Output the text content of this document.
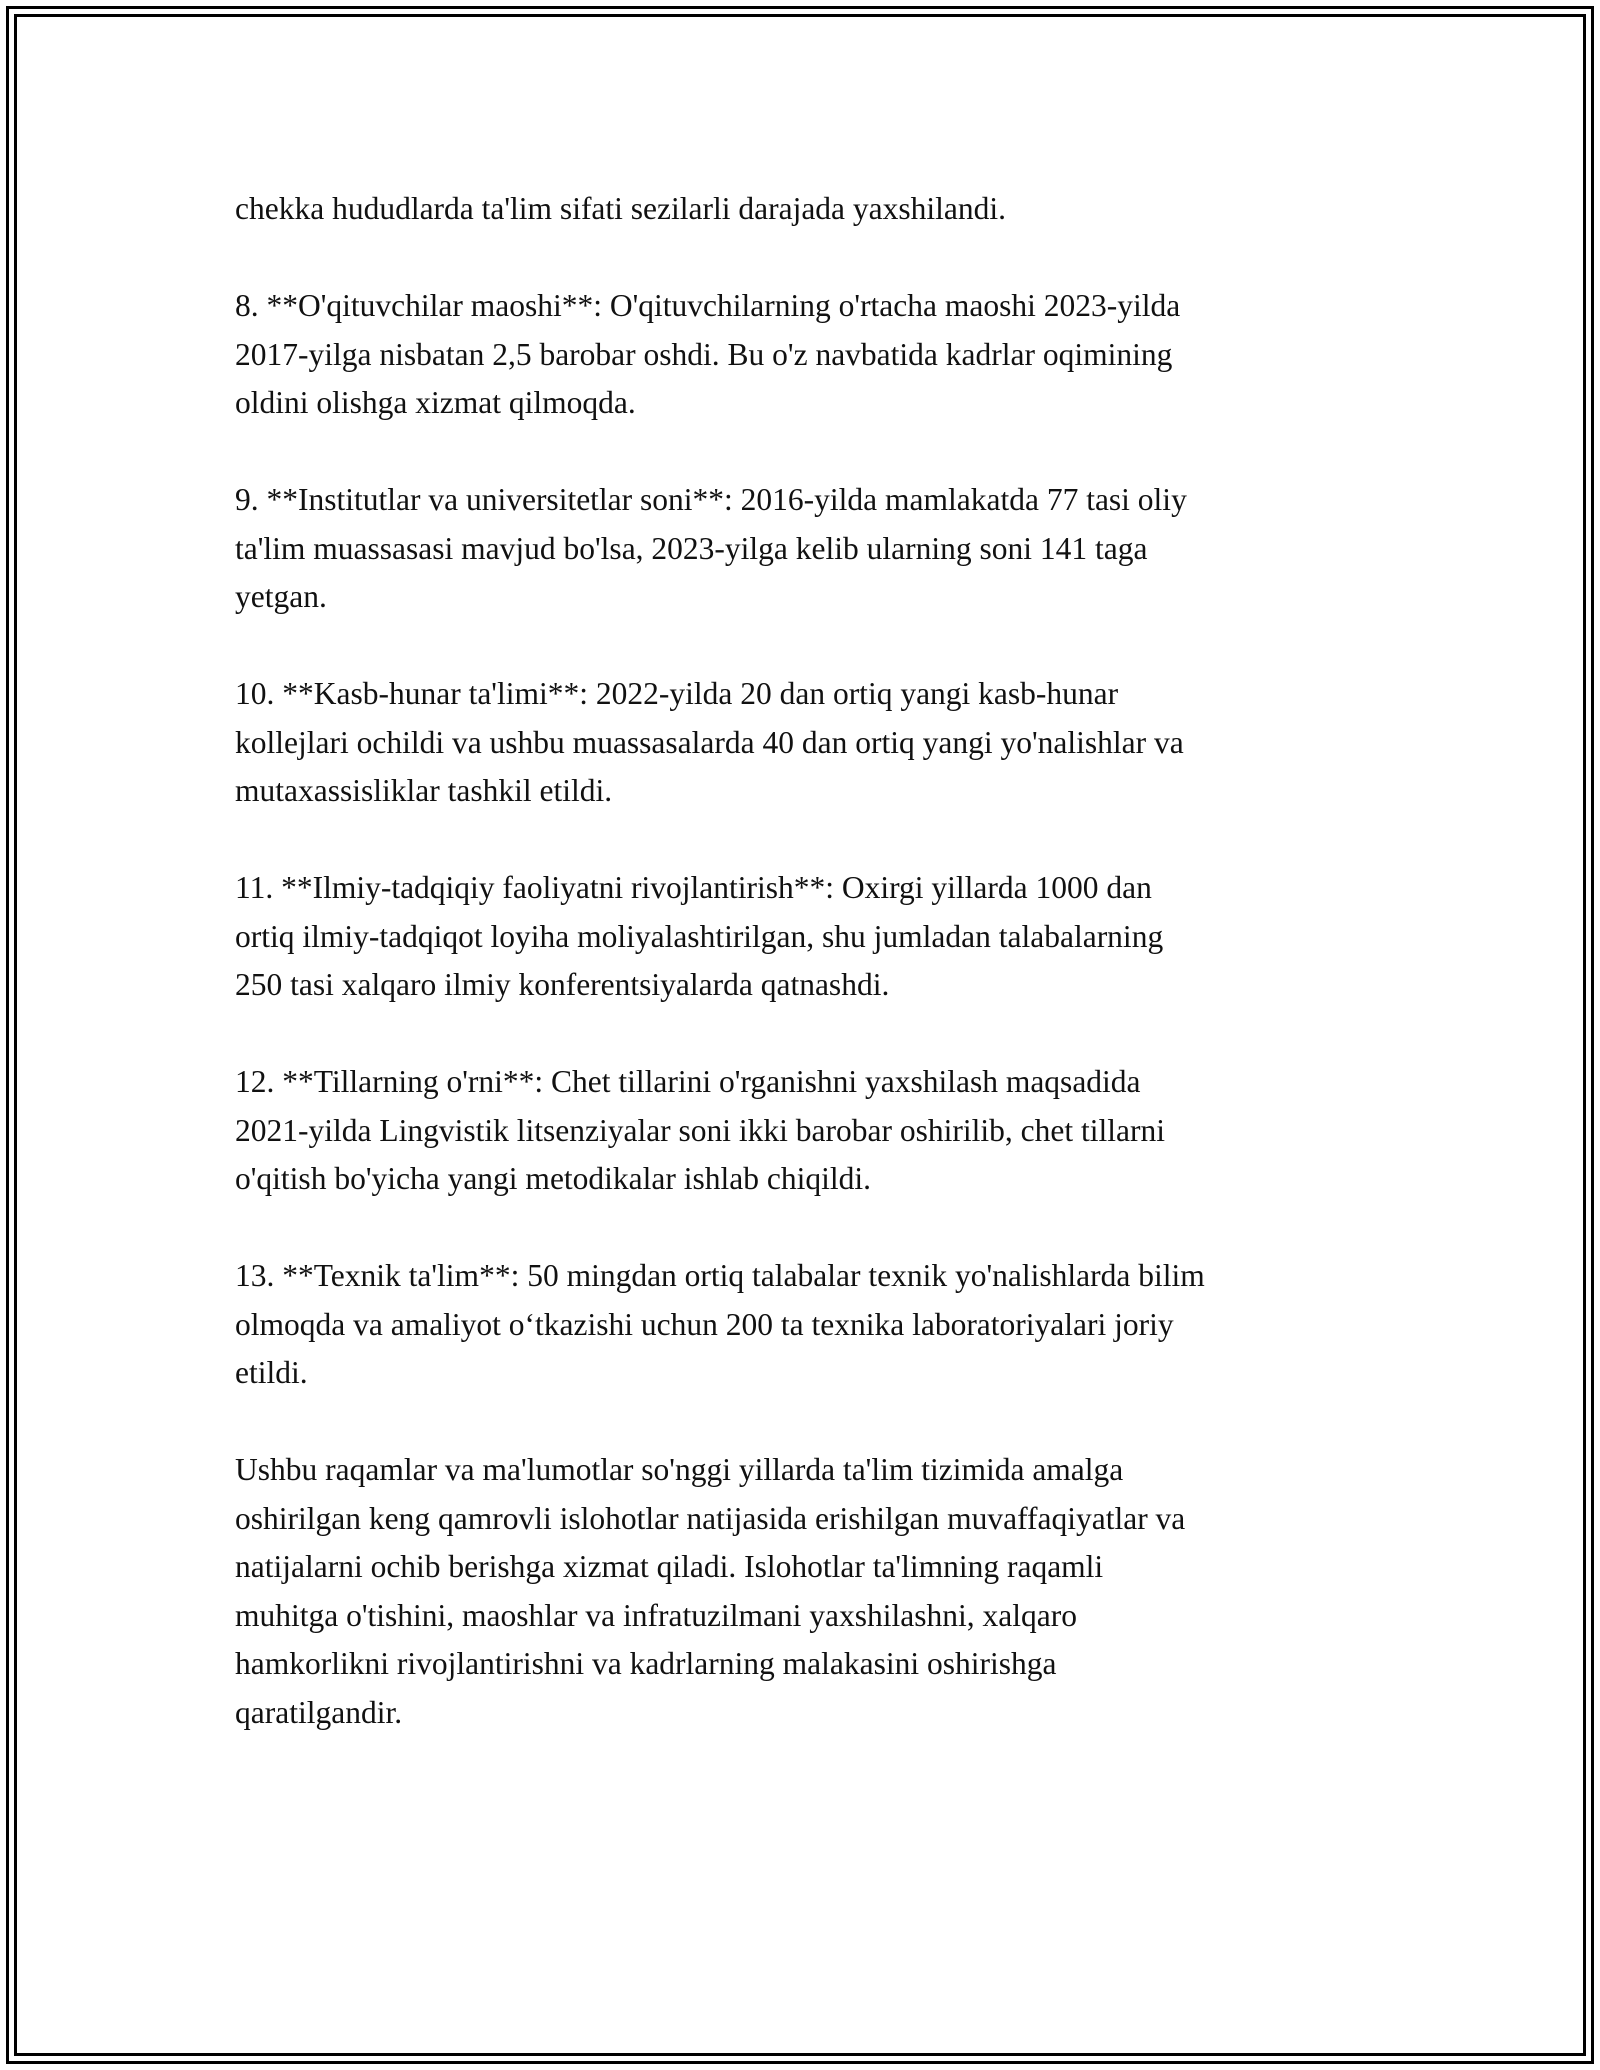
chekka hududlarda ta'lim sifati sezilarli darajada yaxshilandi.

8. **O'qituvchilar maoshi**: O'qituvchilarning o'rtacha maoshi 2023-yilda
2017-yilga nisbatan 2,5 barobar oshdi. Bu o'z navbatida kadrlar oqimining
oldini olishga xizmat qilmoqda.

9. **Institutlar va universitetlar soni**: 2016-yilda mamlakatda 77 tasi oliy
ta'lim muassasasi mavjud bo'lsa, 2023-yilga kelib ularning soni 141 taga
yetgan.

10. **Kasb-hunar ta'limi**: 2022-yilda 20 dan ortiq yangi kasb-hunar
kollejlari ochildi va ushbu muassasalarda 40 dan ortiq yangi yo'nalishlar va
mutaxassisliklar tashkil etildi.

11. **Ilmiy-tadqiqiy faoliyatni rivojlantirish**: Oxirgi yillarda 1000 dan
ortiq ilmiy-tadqiqot loyiha moliyalashtirilgan, shu jumladan talabalarning
250 tasi xalqaro ilmiy konferentsiyalarda qatnashdi.

12. **Tillarning o'rni**: Chet tillarini o'rganishni yaxshilash maqsadida
2021-yilda Lingvistik litsenziyalar soni ikki barobar oshirilib, chet tillarni
o'qitish bo'yicha yangi metodikalar ishlab chiqildi.

13. **Texnik ta'lim**: 50 mingdan ortiq talabalar texnik yo'nalishlarda bilim
olmoqda va amaliyot o‘tkazishi uchun 200 ta texnika laboratoriyalari joriy
etildi.

Ushbu raqamlar va ma'lumotlar so'nggi yillarda ta'lim tizimida amalga
oshirilgan keng qamrovli islohotlar natijasida erishilgan muvaffaqiyatlar va
natijalarni ochib berishga xizmat qiladi. Islohotlar ta'limning raqamli
muhitga o'tishini, maoshlar va infratuzilmani yaxshilashni, xalqaro
hamkorlikni rivojlantirishni va kadrlarning malakasini oshirishga
qaratilgandir.
